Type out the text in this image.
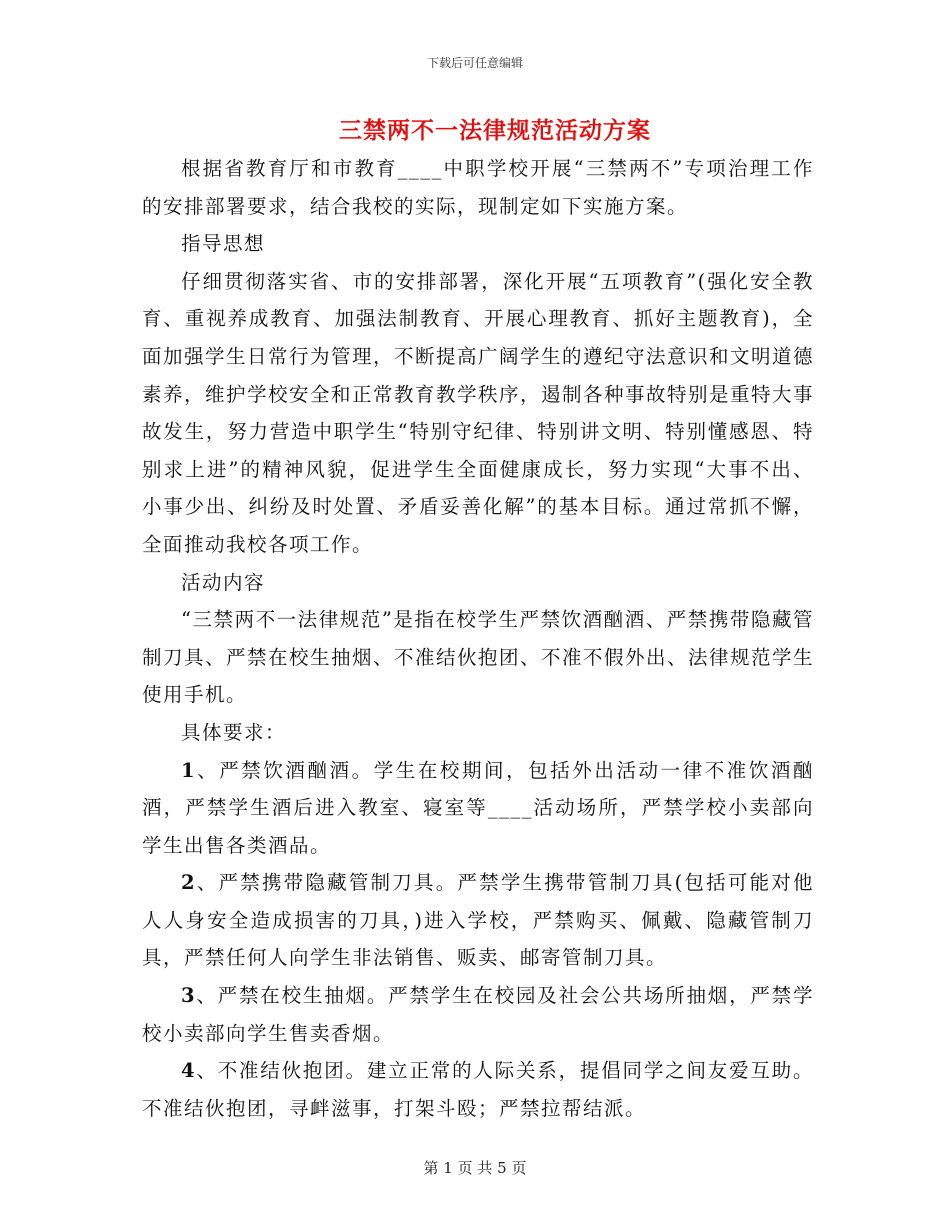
下载后可任意编辑
三禁两不一法律规范活动方案

根据省教育厅和市教育____中职学校开展“三禁两不”专项治理工作的安排部署要求，结合我校的实际，现制定如下实施方案。

指导思想

仔细贯彻落实省、市的安排部署，深化开展“五项教育”(强化安全教育、重视养成教育、加强法制教育、开展心理教育、抓好主题教育)，全面加强学生日常行为管理，不断提高广阔学生的遵纪守法意识和文明道德素养，维护学校安全和正常教育教学秩序，遏制各种事故特别是重特大事故发生，努力营造中职学生“特别守纪律、特别讲文明、特别懂感恩、特别求上进”的精神风貌，促进学生全面健康成长，努力实现“大事不出、小事少出、纠纷及时处置、矛盾妥善化解”的基本目标。通过常抓不懈，全面推动我校各项工作。

活动内容

“三禁两不一法律规范”是指在校学生严禁饮酒酗酒、严禁携带隐藏管制刀具、严禁在校生抽烟、不准结伙抱团、不准不假外出、法律规范学生使用手机。

具体要求：

1、严禁饮酒酗酒。学生在校期间，包括外出活动一律不准饮酒酗酒，严禁学生酒后进入教室、寝室等____活动场所，严禁学校小卖部向学生出售各类酒品。

2、严禁携带隐藏管制刀具。严禁学生携带管制刀具(包括可能对他人人身安全造成损害的刀具，)进入学校，严禁购买、佩戴、隐藏管制刀具，严禁任何人向学生非法销售、贩卖、邮寄管制刀具。

3、严禁在校生抽烟。严禁学生在校园及社会公共场所抽烟，严禁学校小卖部向学生售卖香烟。

4、不准结伙抱团。建立正常的人际关系，提倡同学之间友爱互助。不准结伙抱团，寻衅滋事，打架斗殴；严禁拉帮结派。

第 1 页 共 5 页
